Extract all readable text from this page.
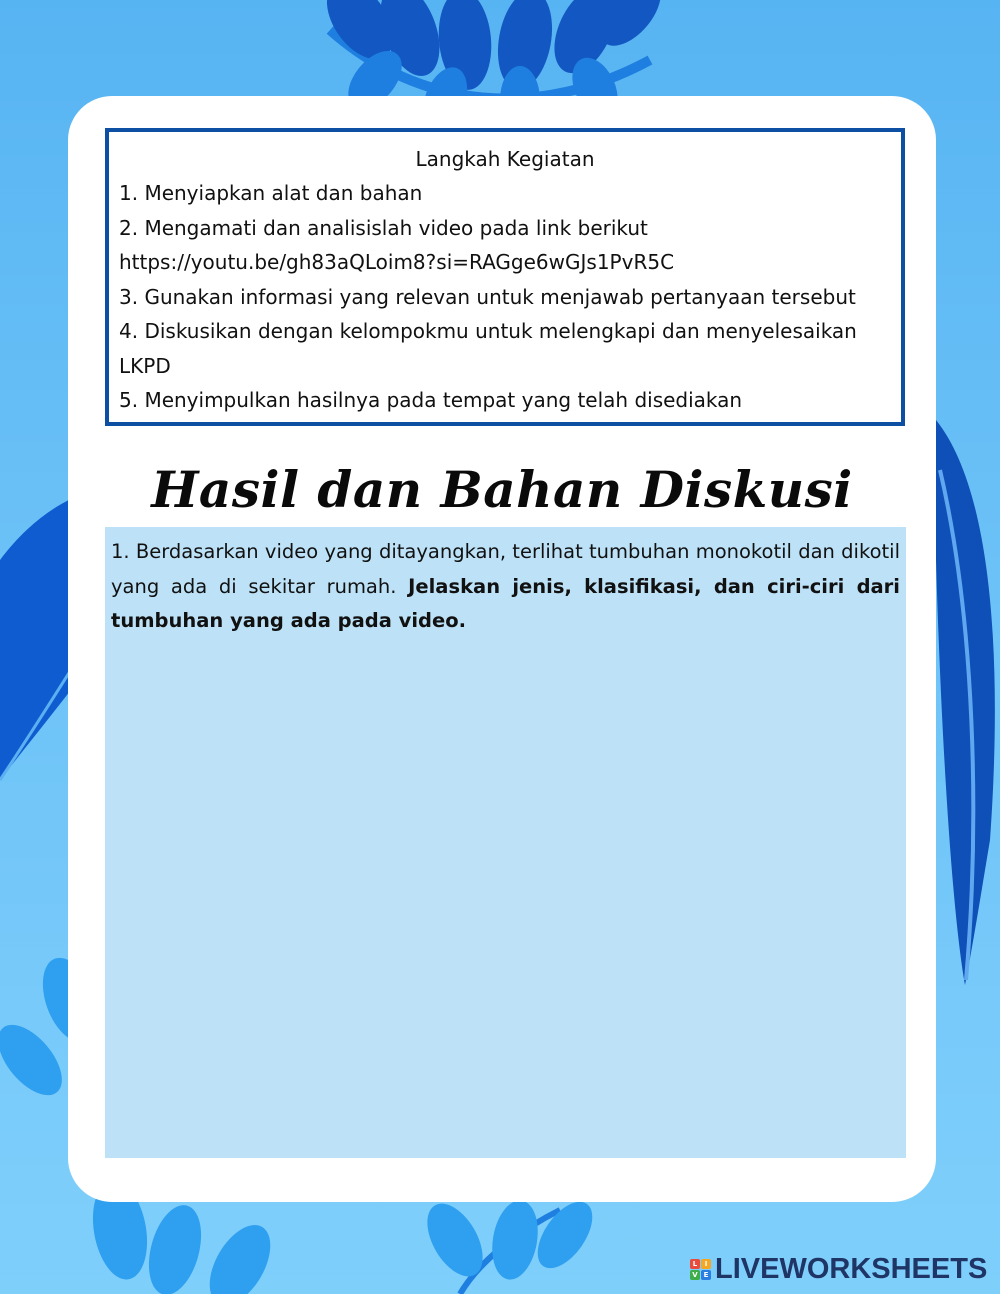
Langkah Kegiatan
1. Menyiapkan alat dan bahan
2. Mengamati dan analisislah video pada link berikut
https://youtu.be/gh83aQLoim8?si=RAGge6wGJs1PvR5C
3. Gunakan informasi yang relevan untuk menjawab pertanyaan tersebut
4. Diskusikan dengan kelompokmu untuk melengkapi dan menyelesaikan
LKPD
5. Menyimpulkan hasilnya pada tempat yang telah disediakan
Hasil dan Bahan Diskusi
1. Berdasarkan video yang ditayangkan, terlihat tumbuhan monokotil dan dikotil yang ada di sekitar rumah. Jelaskan jenis, klasifikasi, dan ciri-ciri dari tumbuhan yang ada pada video.
L	I
V E LIVEWORKSHEETS
